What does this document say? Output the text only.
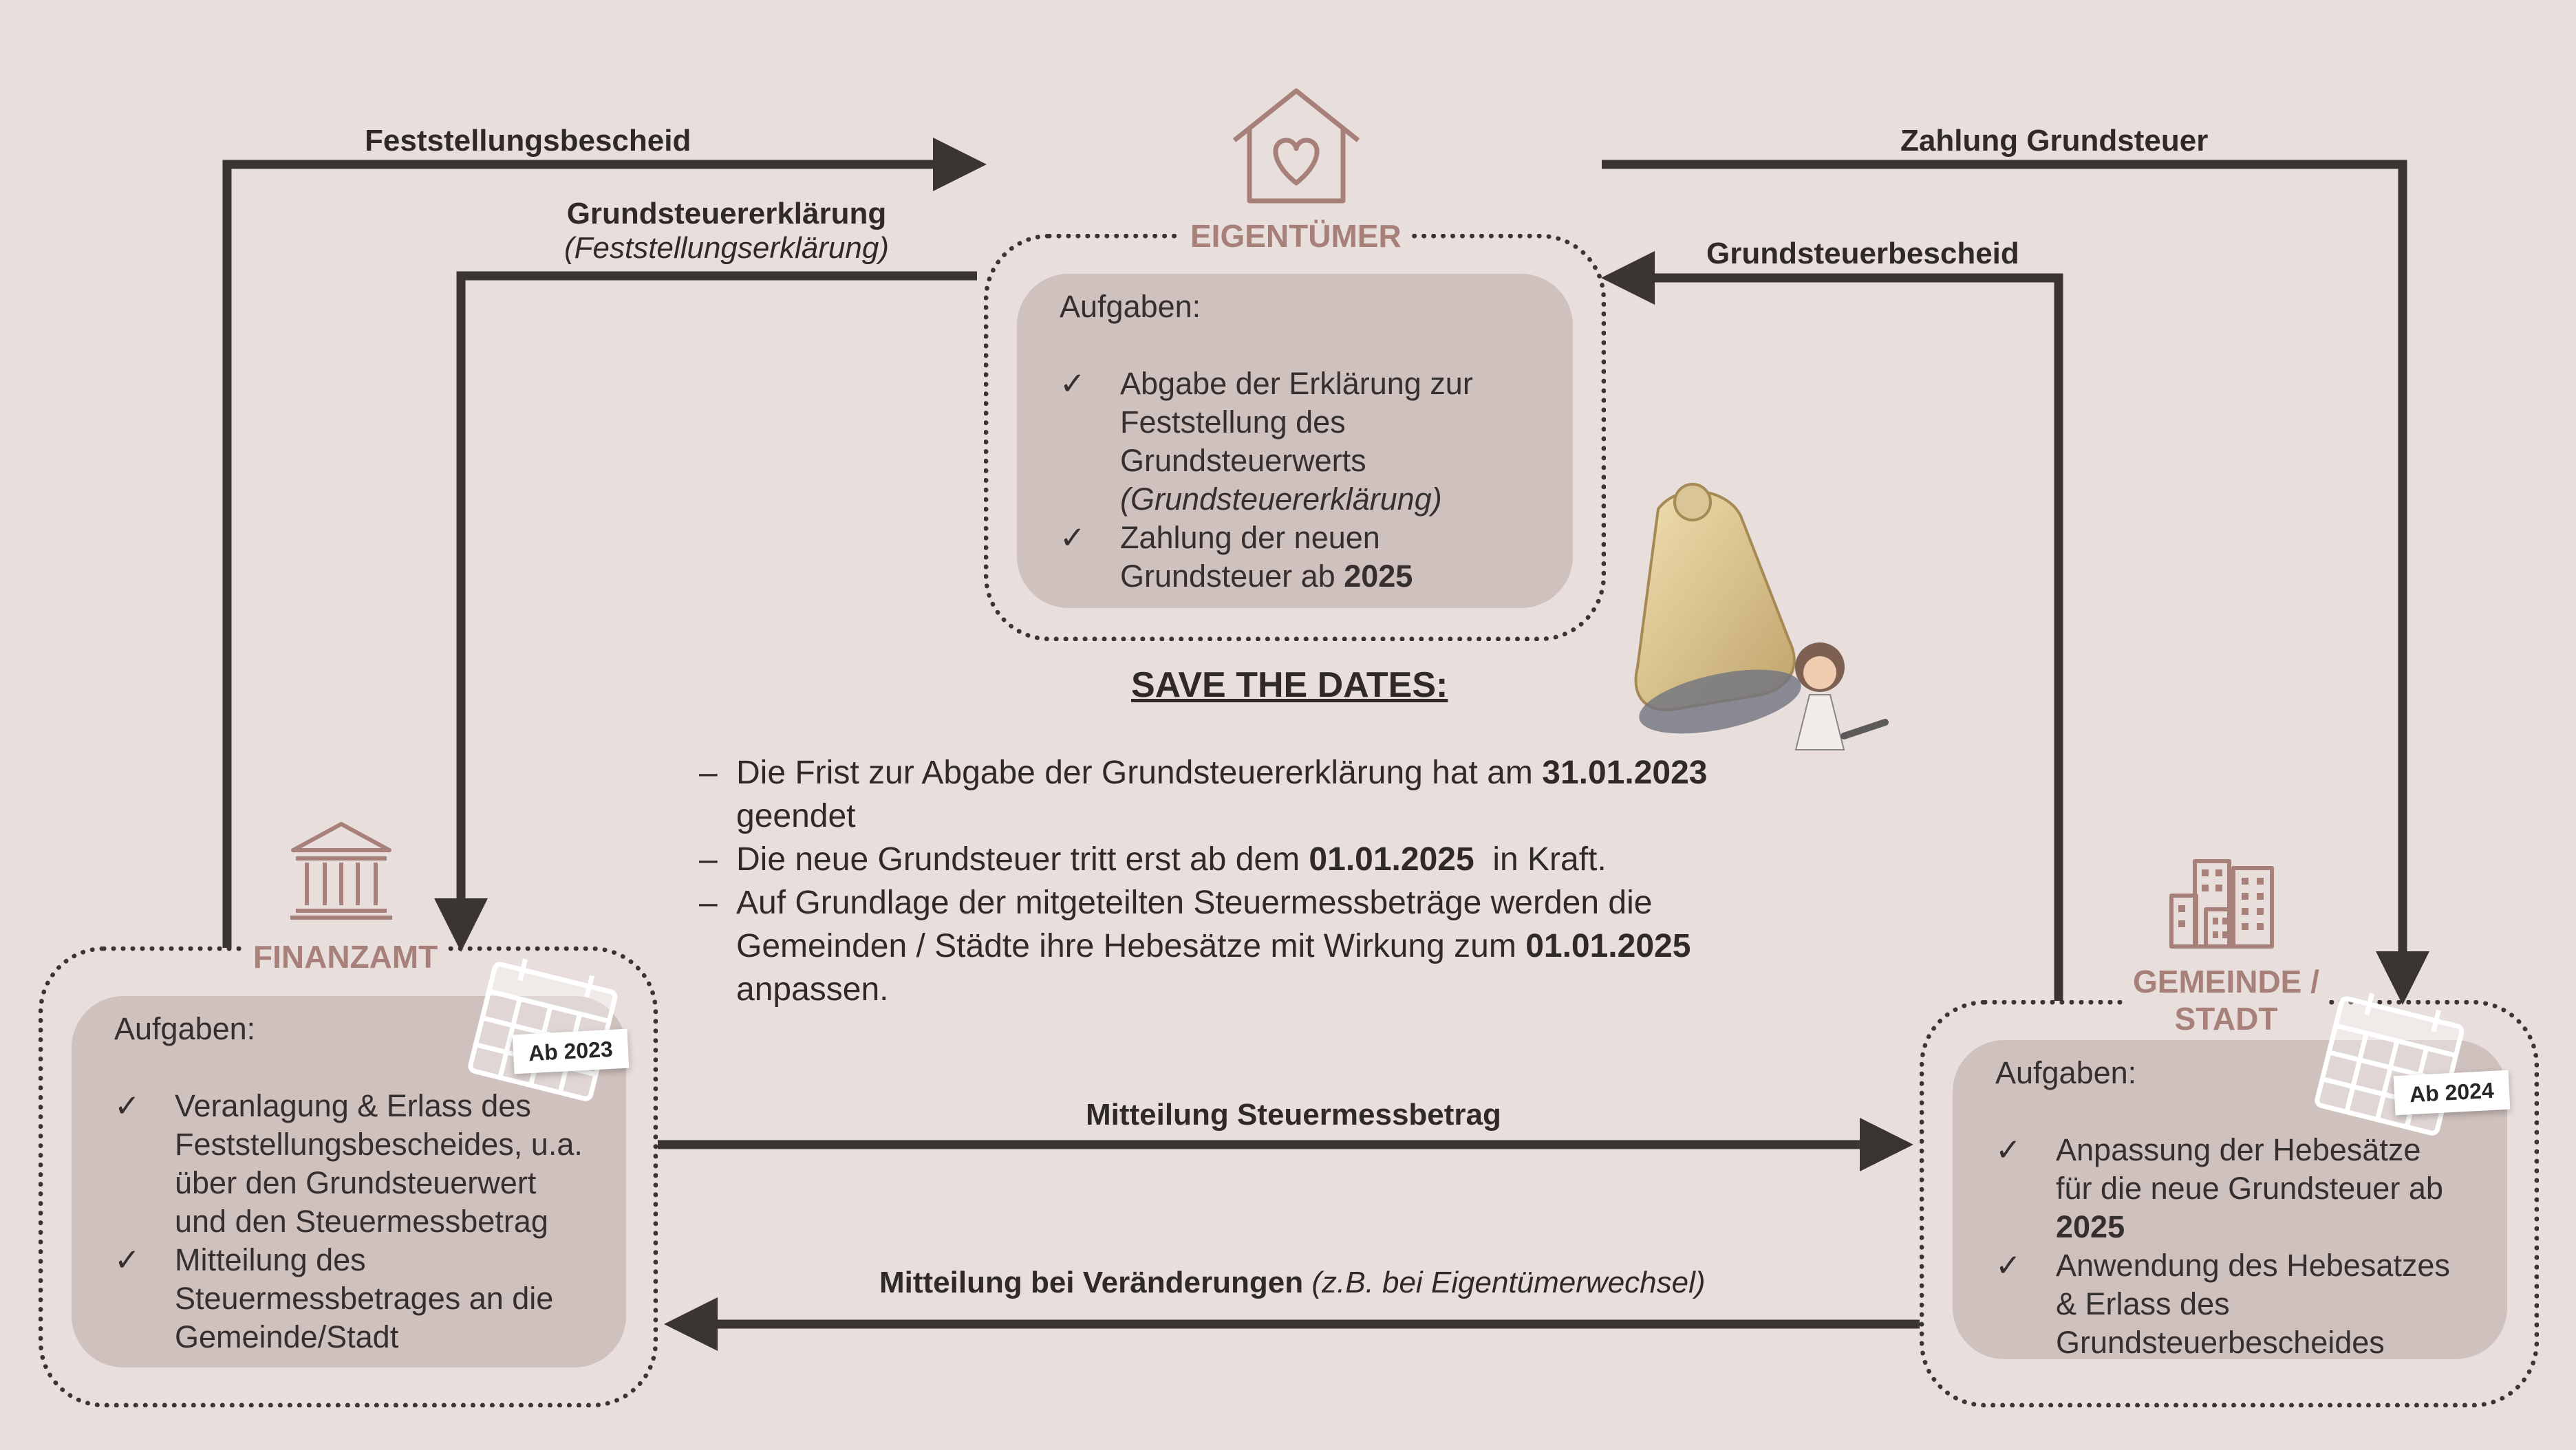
Feststellungsbescheid
Grundsteuererklärung
(Feststellungserklärung)
Zahlung Grundsteuer
Grundsteuerbescheid
Mitteilung Steuermessbetrag
Mitteilung bei Veränderungen (z.B. bei Eigentümerwechsel)
EIGENTÜMER
Aufgaben:
✓ Abgabe der Erklärung zur
Feststellung des
Grundsteuerwerts
(Grundsteuererklärung)
✓ Zahlung der neuen
Grundsteuer ab 2025
SAVE THE DATES:
– Die Frist zur Abgabe der Grundsteuererklärung hat am 31.01.2023
geendet
– Die neue Grundsteuer tritt erst ab dem 01.01.2025 in Kraft.
– Auf Grundlage der mitgeteilten Steuermessbeträge werden die
Gemeinden / Städte ihre Hebesätze mit Wirkung zum 01.01.2025
anpassen.
FINANZAMT
Aufgaben:
✓ Veranlagung & Erlass des
Feststellungsbescheides, u.a.
über den Grundsteuerwert
und den Steuermessbetrag
✓ Mitteilung des
Steuermessbetrages an die
Gemeinde/Stadt
Ab 2023
GEMEINDE /
STADT
Aufgaben:
✓ Anpassung der Hebesätze
für die neue Grundsteuer ab
2025
✓ Anwendung des Hebesatzes
& Erlass des
Grundsteuerbescheides
Ab 2024
